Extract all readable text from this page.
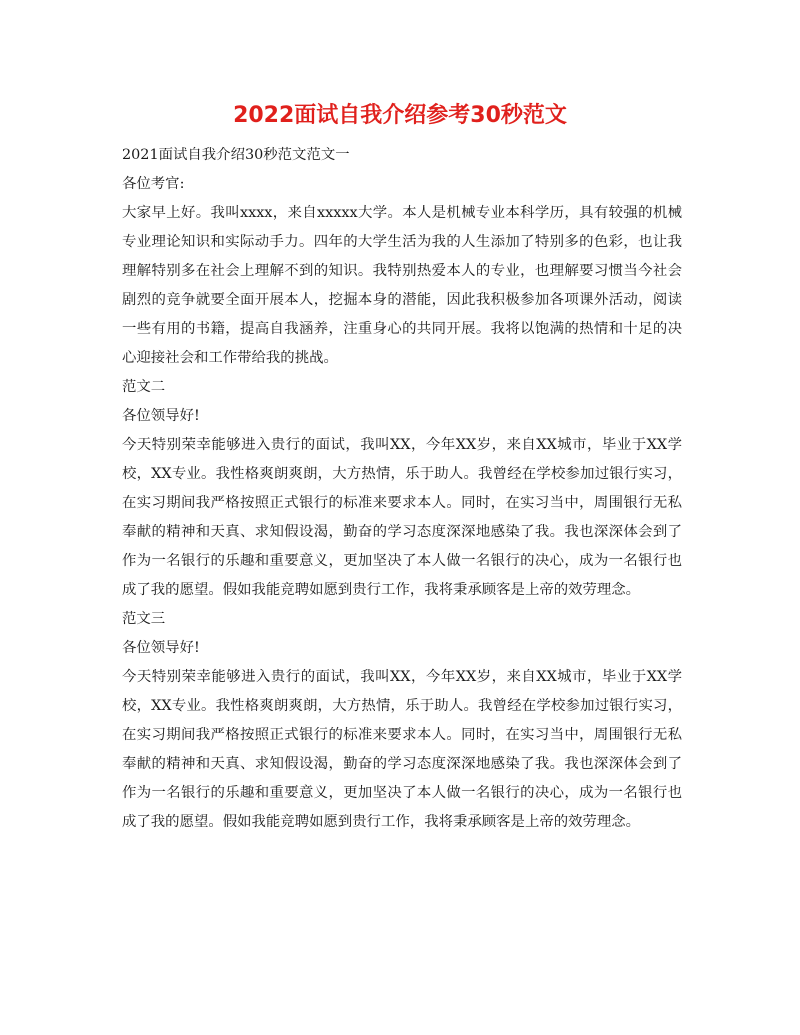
2022面试自我介绍参考30秒范文

2021面试自我介绍30秒范文范文一

各位考官:

大家早上好。我叫xxxx，来自xxxxx大学。本人是机械专业本科学历，具有较强的机械专业理论知识和实际动手力。四年的大学生活为我的人生添加了特别多的色彩，也让我理解特别多在社会上理解不到的知识。我特别热爱本人的专业，也理解要习惯当今社会剧烈的竞争就要全面开展本人，挖掘本身的潜能，因此我积极参加各项课外活动，阅读一些有用的书籍，提高自我涵养，注重身心的共同开展。我将以饱满的热情和十足的决心迎接社会和工作带给我的挑战。

范文二

各位领导好!

今天特别荣幸能够进入贵行的面试，我叫XX，今年XX岁，来自XX城市，毕业于XX学校，XX专业。我性格爽朗爽朗，大方热情，乐于助人。我曾经在学校参加过银行实习，在实习期间我严格按照正式银行的标准来要求本人。同时，在实习当中，周围银行无私奉献的精神和天真、求知假设渴，勤奋的学习态度深深地感染了我。我也深深体会到了作为一名银行的乐趣和重要意义，更加坚决了本人做一名银行的决心，成为一名银行也成了我的愿望。假如我能竞聘如愿到贵行工作，我将秉承顾客是上帝的效劳理念。

范文三

各位领导好!

今天特别荣幸能够进入贵行的面试，我叫XX，今年XX岁，来自XX城市，毕业于XX学校，XX专业。我性格爽朗爽朗，大方热情，乐于助人。我曾经在学校参加过银行实习，在实习期间我严格按照正式银行的标准来要求本人。同时，在实习当中，周围银行无私奉献的精神和天真、求知假设渴，勤奋的学习态度深深地感染了我。我也深深体会到了作为一名银行的乐趣和重要意义，更加坚决了本人做一名银行的决心，成为一名银行也成了我的愿望。假如我能竞聘如愿到贵行工作，我将秉承顾客是上帝的效劳理念。
